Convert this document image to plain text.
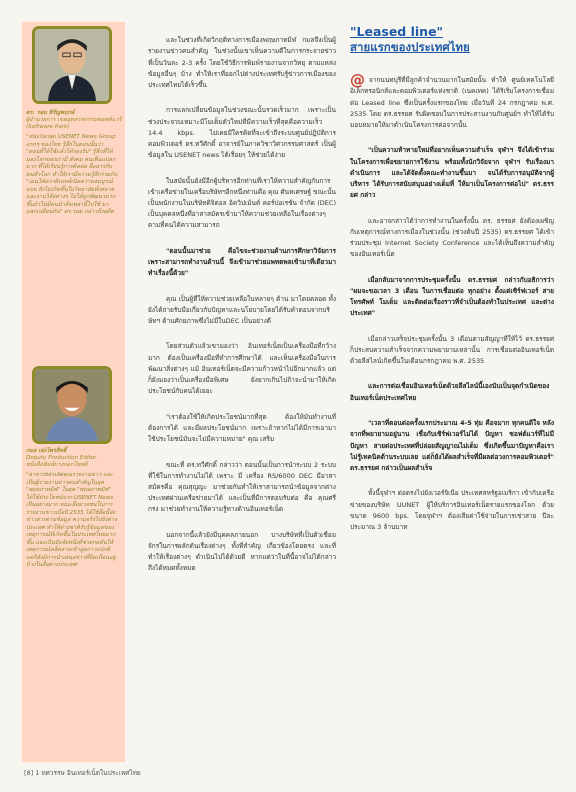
ดร. รอม หิรัญพฤกษ์
ผู้อำนวยการ เขตอุตสาหกรรมซอฟต์แวร์ (Software Park)
"หนึ่งในกลุ่ม USENET News Group แรกๆ ของไทย รู้สึกในตอนนั้นว่า "ตอนที่ได้ใช้แล้วได้รองรับ" รู้สึกที่ได้มองโลกของเรามี สังคม คนเห็นแปลกมาก ที่ได้เรียนรู้การติดต่อ สื่อสารกับคนทั่วโลก ทำให้เรามีความรู้สึกร่วมกับ "เมนโค้ดวาดิเบทส์เนิดความสมบูรณ์แบบ ยังไม่เกิดขึ้นในวิทยาลัยทั้งหลาย และงานวิจัยต่างๆ ไม่ได้ถูกพัฒนามากขึ้นถ้าไม่มีคนนำสิ่งเหล่านี้ไปใช้ มาแลกเปลี่ยนกัน" ดร.รอม กล่าวถึงอดีต
กมล เอ่งไพรสิทธิ์
Deputy Production Editor หนังสือพิมพ์บางกอกโพสต์
"อาจารย์สรเลิศคุณรายงานข่าว และเป็นผู้รายงานข่าวคนสำคัญในยุค "พฤษภาทมิฬ" ในยุค "พฤษภาทมิฬ" ได้ใช้ประโยชน์จาก USENET News เป็นอย่างมาก ขณะสื่อมวลชนในการรายงานข่าวเมื่อปี 2535 ได้ใช้สื่อนี้ส่งข่าวสารตามข้อมูล ความจริงไปยังต่างประเทศ ทำให้ต่างชาติรับรู้ข้อมูลของเหตุการณ์ที่เกิดขึ้นในประเทศไทยมากขึ้น และเป็นปัจจัยหนึ่งที่ช่วยกดดันให้เหตุการณ์คลี่คลายเข้าสู่สภาวะปกติ แต่ก็ยังมีการนำเสนอข่าวที่บิดเบือนอยู่บ้างในสื่อต่างประเทศ

และในช่วงที่เกิดวิกฤติทางการเมืองพฤษภาทมิฬ กมลจึงเป็นผู้รายงานข่าวคนสำคัญ ในช่วงนั้นเขาเห็นความดีในการกระจายข่าวที่เป็นวันละ 2-3 ครั้ง โดยใช้วิธีการพิมพ์รายงานจากวิทยุ ตามแหล่งข้อมูลอื่นๆ บ้าง ทำให้เราที่ออกไปต่างประเทศรับรู้ข่าวการเมืองของประเทศไทยได้เร็วขึ้น

การแลกเปลี่ยนข้อมูลในช่วงขณะนั้นรวดเร็วมาก เพราะเป็นช่วงประจวบเหมาะมีโมเด็มตัวใหม่ที่มีความเร็วที่สุดคือความเร็ว 14.4 kbps. ไม่เคยมีใครคิดที่จะเข้าถึงระบบศูนย์ปฏิบัติการคอมพิวเตอร์ ดร.ทวีศักดิ์ อาจารย์ในภาควิชาวิศวกรรมศาสตร์ เป็นผู้ข้อมูลใน USENET news ได้เรื่อยๆ ให้ช่วยได้ง่าย

ในสมัยนั้นยังมีอีกผู้บริหารอีกท่านที่เราให้ความสำคัญกับการเข้าเครือข่ายในเครือบริษัทฯอีกหนึ่งท่านคือ คุณ ศันทเศรษฐ์ ขณะนั้นเป็นพนักงานในบริษัทดิจิตอล อิควิปเม้นต์ คอร์ปอเรชั่น จำกัด (DEC) เป็นบุคคลหนึ่งที่อาสาสมัครเข้ามาให้ความช่วยเหลือในเรื่องต่างๆ ตามที่คนได้ความสามารถ

"ตอนนั้นมาช่วย คือไขจะช่วยงานด้านการศึกษาวิจัยการ เพราะสามารถทำงานด้านนี้ จึงเข้ามาช่วยแพทตพลเข้ามาที่เดียวมาทำเรื่องนี้ด้วย"

คุณ เป็นผู้ที่ให้ความช่วยเหลือในหลายๆ ด้าน มาโดยตลอด ทั้งยังได้ถ่ายรับมือเกี่ยวกับปัญหาและนโยบายโดยได้รับคำตอบจากบริษัทฯ ด้านศักยภาพซึ่งไม่มีในDEC เป็นอย่างดี

โดยส่วนตัวแล้วเขามองว่า อินเทอร์เน็ตเป็นเครื่องมือที่กว้างมาก ต้องเป็นเครื่องมือที่ทำการศึกษาได้ และเห็นเครื่องมือในการพัฒนาสิ่งต่างๆ แม้ อินเทอร์เน็ตจะมีความก้าวหน้าไปอีกมากแล้ว แต่ก็ยังมองว่าเป็นเครื่องมือพิเศษ ยังยากเกินไปถ้าจะนำมาให้เกิดประโยชน์กับคนได้เยอะ

"เราต้องใช้ให้เกิดประโยชน์มากที่สุด ต้องให้มันทำงานที่ต้องการได้ และมีผลประโยชน์มาก เพราะถ้าหากไม่ได้มีการเอามาใช้ประโยชน์มันจะไม่มีความหมาย" คุณ เสริม

ขณะที่ ดร.ทวีศักดิ์ กล่าวว่า ตอนนั้นเป็นการนำระบบ 2 ระบบที่ใช้ในการทำงานไม่ได้ เพราะ มี เครื่อง RS/6000 DEC มีอาสาสมัครคือ คุณสุญญะ มาช่วยกันทำให้เราสามารถนำข้อมูลจากต่างประเทศผ่านเครือข่ายมาได้ และเป็นที่มีการตอบรับต่อ คือ คุณศรีกรง มาช่วยทำงานให้ความรู้ทางด้านอินเทอร์เน็ต

นอกจากนี้แล้วยังมีบุคคลภายนอก บางบริษัทที่เป็นตัวเชื่อมจักรในการผลักดันเรื่องต่างๆ ทั้งที่สำคัญ เกี่ยวข้องโดยตรง และที่ทำให้เรื่องต่างๆ ดำเนินไปได้ด้วยดี หากแต่ว่าในที่นี้อาจไม่ได้กล่าวถึงได้หมดทั้งหมด

"Leased line"
สายแรกของประเทศไทย

@ จากนนทบุรีที่มีลูกค้าจำนวนมากในสมัยนั้น ทำให้ ศูนย์เทคโนโลยีอิเล็กทรอนิกส์และคอมพิวเตอร์แห่งชาติ (เนคเทค) ได้ริเริ่มโครงการเชื่อมต่อ Leased line ซึ่งเป็นครั้งแรกของไทย เมื่อวันที่ 24 กรกฎาคม พ.ศ. 2535 โดย ดร.ธรรยศ รับผิดชอบในการประสานงานกับศูนย์ฯ ทำให้ได้รับมอบหมายให้มาดำเนินโครงการต่อจากนั้น

"เป็นความท้าทายใหม่ที่อยากเห็นความสำเร็จ จุฬาฯ จึงได้เข้าร่วมในโครงการเพื่อขยายการใช้งาน พร้อมทั้งนักวิจัยจาก จุฬาฯ รับเรื่องมาดำเนินการ และได้จัดตั้งคณะทำงานขึ้นมา จนได้รับการอนุมัติจากผู้บริหาร ได้รับการสนับสนุนอย่างเต็มที่ ให้มาเป็นโครงการต่อไป" ดร.ธรรยศ กล่าว

และอาจกล่าวได้ว่าการทำงานในครั้งนั้น ดร. ธรรยศ ยังต้องเผชิญกับเหตุการณ์ทางการเมืองในช่วงนั้น (ช่วงต้นปี 2535) ดร.ธรรยศ ได้เข้าร่วมประชุม Internet Society Conference และได้เห็นถึงความสำคัญของอินเทอร์เน็ต

เมื่อกลับมาจากการประชุมครั้งนั้น ดร.ธรรยศ กล่าวกับอธิการว่า "ผมจะขอเวลา 3 เดือน ในการเชื่อมต่อ ทุกอย่าง ตั้งแต่เซิร์ฟเวอร์ สายโทรศัพท์ โมเด็ม และติดต่อเรื่องราวที่จำเป็นต้องทำในประเทศ และต่างประเทศ"

เมื่อกล่าวเสร็จประชุมครั้งนั้น 3 เดือนตามสัญญาที่ให้ไว้ ดร.ธรรยศ ก็ประสบความสำเร็จจากความพยายามเหล่านั้น การเชื่อมต่ออินเทอร์เน็ตด้วยลีสไลน์เกิดขึ้นในเดือนกรกฎาคม พ.ศ. 2535

และการต่อเชื่อมอินเทอร์เน็ตด้วยลีสไลน์นี้เองนับเป็นจุดกำเนิดของ อินเทอร์เน็ตประเทศไทย

"เวลาที่ตอนต่อครั้งแรกประมาณ 4-5 ทุ่ม คือจมาก ทุกคนดีใจ หลังจากที่พยายามอยู่นาน เชื่อกับเซิร์ฟเวอร์ไม่ได้ ปัญหา ซอฟต์แวร์ที่ไม่มีปัญหา สายต่อประเทศที่ปล่อยสัญญาณไม่เต็ม ซึ่งเกิดขึ้นมาปัญหาคือเราไม่รู้เทคนิคต้านระบบเลย แต่ก็ยังได้ผลสำเร็จที่มีผลต่อวงการคอมพิวเตอร์" ดร.ธรรยศ กล่าวเป็นผลสำเร็จ

ทั้งนี้จุฬาฯ ต่อตรงไปยังเวอร์จิเนีย ประเทศสหรัฐอเมริกา เข้ากับเครือข่ายของบริษัท UUNET ผู้ให้บริการอินเทอร์เน็ตรายแรกของโลก ด้วยขนาด 9600 bps. โดยจุฬาฯ ต้องเสียค่าใช้จ่ายในการเช่าสาย ปีละประมาณ 3 ล้านบาท

[8] 1 ทศวรรษ อินเทอร์เน็ตในประเทศไทย
